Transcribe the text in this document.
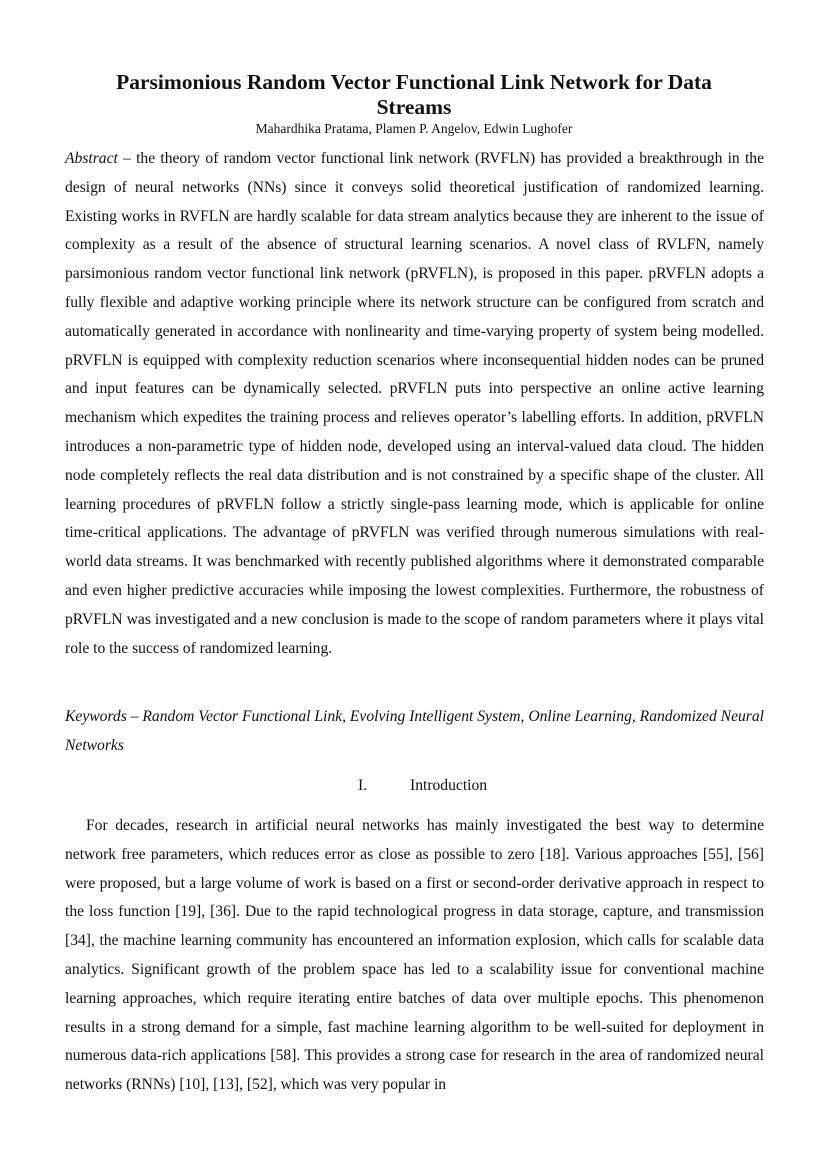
Parsimonious Random Vector Functional Link Network for Data Streams
Mahardhika Pratama, Plamen P. Angelov, Edwin Lughofer
Abstract – the theory of random vector functional link network (RVFLN) has provided a breakthrough in the design of neural networks (NNs) since it conveys solid theoretical justification of randomized learning. Existing works in RVFLN are hardly scalable for data stream analytics because they are inherent to the issue of complexity as a result of the absence of structural learning scenarios. A novel class of RVLFN, namely parsimonious random vector functional link network (pRVFLN), is proposed in this paper. pRVFLN adopts a fully flexible and adaptive working principle where its network structure can be configured from scratch and automatically generated in accordance with nonlinearity and time-varying property of system being modelled. pRVFLN is equipped with complexity reduction scenarios where inconsequential hidden nodes can be pruned and input features can be dynamically selected. pRVFLN puts into perspective an online active learning mechanism which expedites the training process and relieves operator’s labelling efforts. In addition, pRVFLN introduces a non-parametric type of hidden node, developed using an interval-valued data cloud. The hidden node completely reflects the real data distribution and is not constrained by a specific shape of the cluster. All learning procedures of pRVFLN follow a strictly single-pass learning mode, which is applicable for online time-critical applications. The advantage of pRVFLN was verified through numerous simulations with real-world data streams. It was benchmarked with recently published algorithms where it demonstrated comparable and even higher predictive accuracies while imposing the lowest complexities. Furthermore, the robustness of pRVFLN was investigated and a new conclusion is made to the scope of random parameters where it plays vital role to the success of randomized learning.
Keywords – Random Vector Functional Link, Evolving Intelligent System, Online Learning, Randomized Neural Networks
I.	Introduction
For decades, research in artificial neural networks has mainly investigated the best way to determine network free parameters, which reduces error as close as possible to zero [18]. Various approaches [55], [56] were proposed, but a large volume of work is based on a first or second-order derivative approach in respect to the loss function [19], [36]. Due to the rapid technological progress in data storage, capture, and transmission [34], the machine learning community has encountered an information explosion, which calls for scalable data analytics. Significant growth of the problem space has led to a scalability issue for conventional machine learning approaches, which require iterating entire batches of data over multiple epochs. This phenomenon results in a strong demand for a simple, fast machine learning algorithm to be well-suited for deployment in numerous data-rich applications [58]. This provides a strong case for research in the area of randomized neural networks (RNNs) [10], [13], [52], which was very popular in
